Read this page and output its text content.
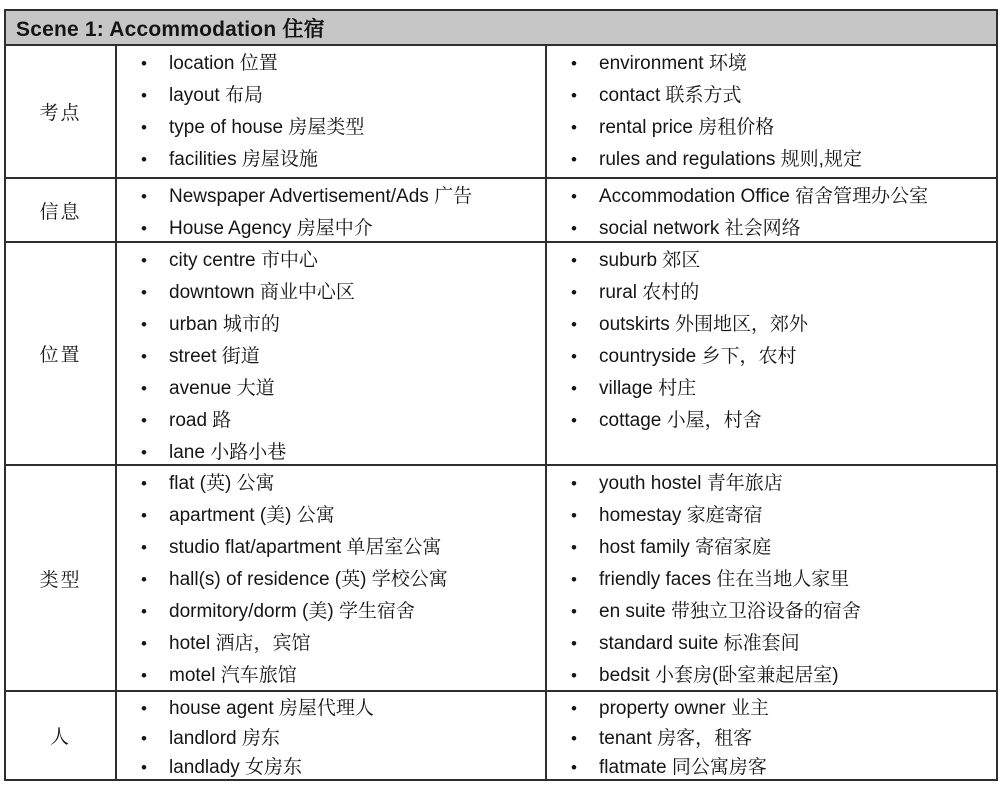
Scene 1: Accommodation 住宿
考点
• location 位置
• layout 布局
• type of house 房屋类型
• facilities 房屋设施
• environment 环境
• contact 联系方式
• rental price 房租价格
• rules and regulations 规则,规定
信息
• Newspaper Advertisement/Ads 广告
• House Agency 房屋中介
• Accommodation Office 宿舍管理办公室
• social network 社会网络
位置
• city centre 市中心
• downtown 商业中心区
• urban 城市的
• street 街道
• avenue 大道
• road 路
• lane 小路小巷
• suburb 郊区
• rural 农村的
• outskirts 外围地区，郊外
• countryside 乡下，农村
• village 村庄
• cottage 小屋，村舍
类型
• flat (英) 公寓
• apartment (美) 公寓
• studio flat/apartment 单居室公寓
• hall(s) of residence (英) 学校公寓
• dormitory/dorm (美) 学生宿舍
• hotel 酒店，宾馆
• motel 汽车旅馆
• youth hostel 青年旅店
• homestay 家庭寄宿
• host family 寄宿家庭
• friendly faces 住在当地人家里
• en suite 带独立卫浴设备的宿舍
• standard suite 标准套间
• bedsit 小套房(卧室兼起居室)
人
• house agent 房屋代理人
• landlord 房东
• landlady 女房东
• property owner 业主
• tenant 房客，租客
• flatmate 同公寓房客
